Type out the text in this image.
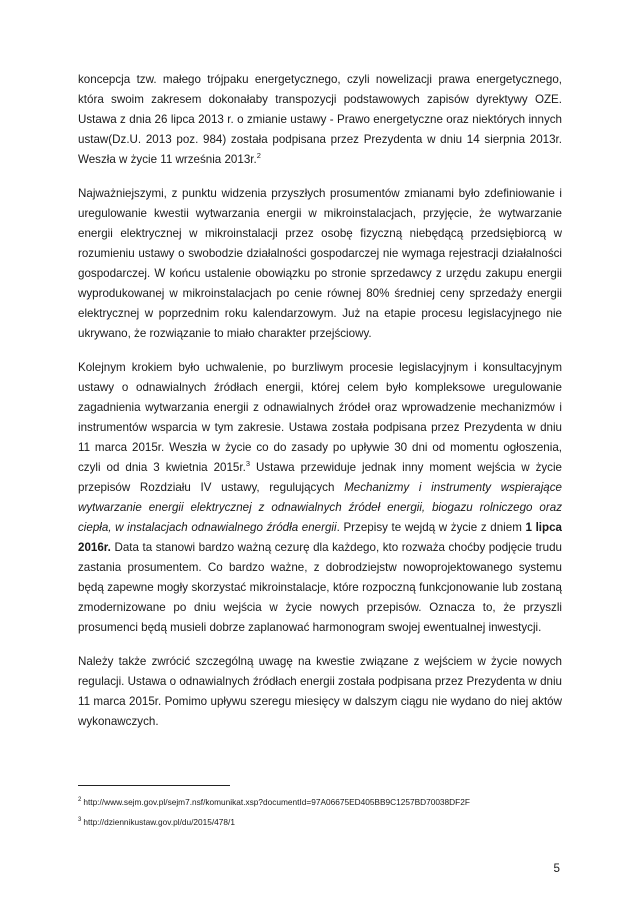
koncepcja tzw. małego trójpaku energetycznego, czyli nowelizacji prawa energetycznego, która swoim zakresem dokonałaby transpozycji podstawowych zapisów dyrektywy OZE. Ustawa z dnia 26 lipca 2013 r. o zmianie ustawy - Prawo energetyczne oraz niektórych innych ustaw(Dz.U. 2013 poz. 984) została podpisana przez Prezydenta w dniu 14 sierpnia 2013r. Weszła w życie 11 września 2013r.$^2$

Najważniejszymi, z punktu widzenia przyszłych prosumentów zmianami było zdefiniowanie i uregulowanie kwestii wytwarzania energii w mikroinstalacjach, przyjęcie, że wytwarzanie energii elektrycznej w mikroinstalacji przez osobę fizyczną niebędącą przedsiębiorcą w rozumieniu ustawy o swobodzie działalności gospodarczej nie wymaga rejestracji działalności gospodarczej. W końcu ustalenie obowiązku po stronie sprzedawcy z urzędu zakupu energii wyprodukowanej w mikroinstalacjach po cenie równej 80% średniej ceny sprzedaży energii elektrycznej w poprzednim roku kalendarzowym. Już na etapie procesu legislacyjnego nie ukrywano, że rozwiązanie to miało charakter przejściowy.

Kolejnym krokiem było uchwalenie, po burzliwym procesie legislacyjnym i konsultacyjnym ustawy o odnawialnych źródłach energii, której celem było kompleksowe uregulowanie zagadnienia wytwarzania energii z odnawialnych źródeł oraz wprowadzenie mechanizmów i instrumentów wsparcia w tym zakresie. Ustawa została podpisana przez Prezydenta w dniu 11 marca 2015r. Weszła w życie co do zasady po upływie 30 dni od momentu ogłoszenia, czyli od dnia 3 kwietnia 2015r.$^3$ Ustawa przewiduje jednak inny moment wejścia w życie przepisów Rozdziału IV ustawy, regulujących Mechanizmy i instrumenty wspierające wytwarzanie energii elektrycznej z odnawialnych źródeł energii, biogazu rolniczego oraz ciepła, w instalacjach odnawialnego źródła energii. Przepisy te wejdą w życie z dniem 1 lipca 2016r. Data ta stanowi bardzo ważną cezurę dla każdego, kto rozważa choćby podjęcie trudu zastania prosumentem. Co bardzo ważne, z dobrodziejstw nowoprojektowanego systemu będą zapewne mogły skorzystać mikroinstalacje, które rozpoczną funkcjonowanie lub zostaną zmodernizowane po dniu wejścia w życie nowych przepisów. Oznacza to, że przyszli prosumenci będą musieli dobrze zaplanować harmonogram swojej ewentualnej inwestycji.

Należy także zwrócić szczególną uwagę na kwestie związane z wejściem w życie nowych regulacji. Ustawa o odnawialnych źródłach energii została podpisana przez Prezydenta w dniu 11 marca 2015r. Pomimo upływu szeregu miesięcy w dalszym ciągu nie wydano do niej aktów wykonawczych.

$^2$ http://www.sejm.gov.pl/sejm7.nsf/komunikat.xsp?documentId=97A06675ED405BB9C1257BD70038DF2F
$^3$ http://dziennikustaw.gov.pl/du/2015/478/1
5
